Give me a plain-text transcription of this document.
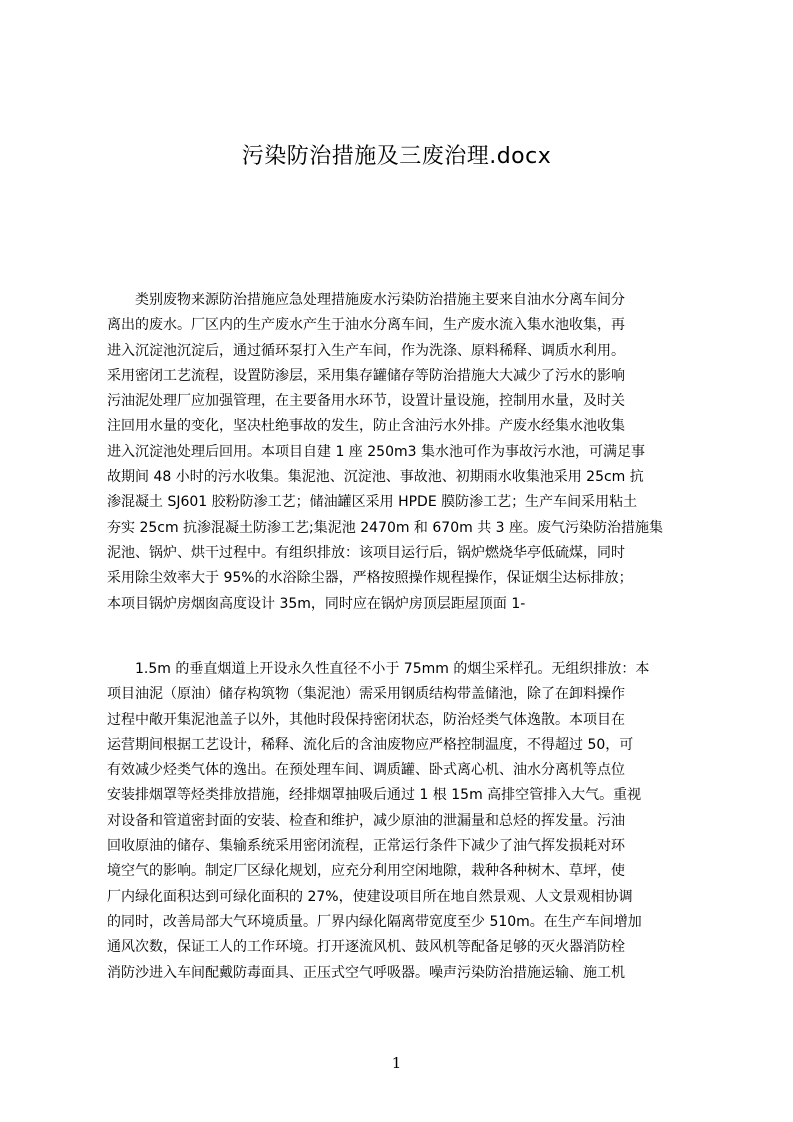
污染防治措施及三废治理.docx
类别废物来源防治措施应急处理措施废水污染防治措施主要来自油水分离车间分
离出的废水。厂区内的生产废水产生于油水分离车间，生产废水流入集水池收集，再
进入沉淀池沉淀后，通过循环泵打入生产车间，作为洗涤、原料稀释、调质水利用。
采用密闭工艺流程，设置防渗层，采用集存罐储存等防治措施大大减少了污水的影响
污油泥处理厂应加强管理，在主要备用水环节，设置计量设施，控制用水量，及时关
注回用水量的变化，坚决杜绝事故的发生，防止含油污水外排。产废水经集水池收集
进入沉淀池处理后回用。本项目自建 1 座 250m3 集水池可作为事故污水池，可满足事
故期间 48 小时的污水收集。集泥池、沉淀池、事故池、初期雨水收集池采用 25cm 抗
渗混凝土 SJ601 胶粉防渗工艺；储油罐区采用 HPDE 膜防渗工艺；生产车间采用粘土
夯实 25cm 抗渗混凝土防渗工艺;集泥池 2470m 和 670m 共 3 座。废气污染防治措施集
泥池、锅炉、烘干过程中。有组织排放：该项目运行后，锅炉燃烧华亭低硫煤，同时
采用除尘效率大于 95%的水浴除尘器，严格按照操作规程操作，保证烟尘达标排放；
本项目锅炉房烟囱高度设计 35m，同时应在锅炉房顶层距屋顶面 1-
1.5m 的垂直烟道上开设永久性直径不小于 75mm 的烟尘采样孔。无组织排放：本
项目油泥（原油）储存构筑物（集泥池）需采用钢质结构带盖储池，除了在卸料操作
过程中敞开集泥池盖子以外，其他时段保持密闭状态，防治烃类气体逸散。本项目在
运营期间根据工艺设计，稀释、流化后的含油废物应严格控制温度，不得超过 50，可
有效减少烃类气体的逸出。在预处理车间、调质罐、卧式离心机、油水分离机等点位
安装排烟罩等烃类排放措施，经排烟罩抽吸后通过 1 根 15m 高排空管排入大气。重视
对设备和管道密封面的安装、检查和维护，减少原油的泄漏量和总烃的挥发量。污油
回收原油的储存、集输系统采用密闭流程，正常运行条件下减少了油气挥发损耗对环
境空气的影响。制定厂区绿化规划，应充分利用空闲地隙，栽种各种树木、草坪，使
厂内绿化面积达到可绿化面积的 27%，使建设项目所在地自然景观、人文景观相协调
的同时，改善局部大气环境质量。厂界内绿化隔离带宽度至少 510m。在生产车间增加
通风次数，保证工人的工作环境。打开逐流风机、鼓风机等配备足够的灭火器消防栓
消防沙进入车间配戴防毒面具、正压式空气呼吸器。噪声污染防治措施运输、施工机
1
